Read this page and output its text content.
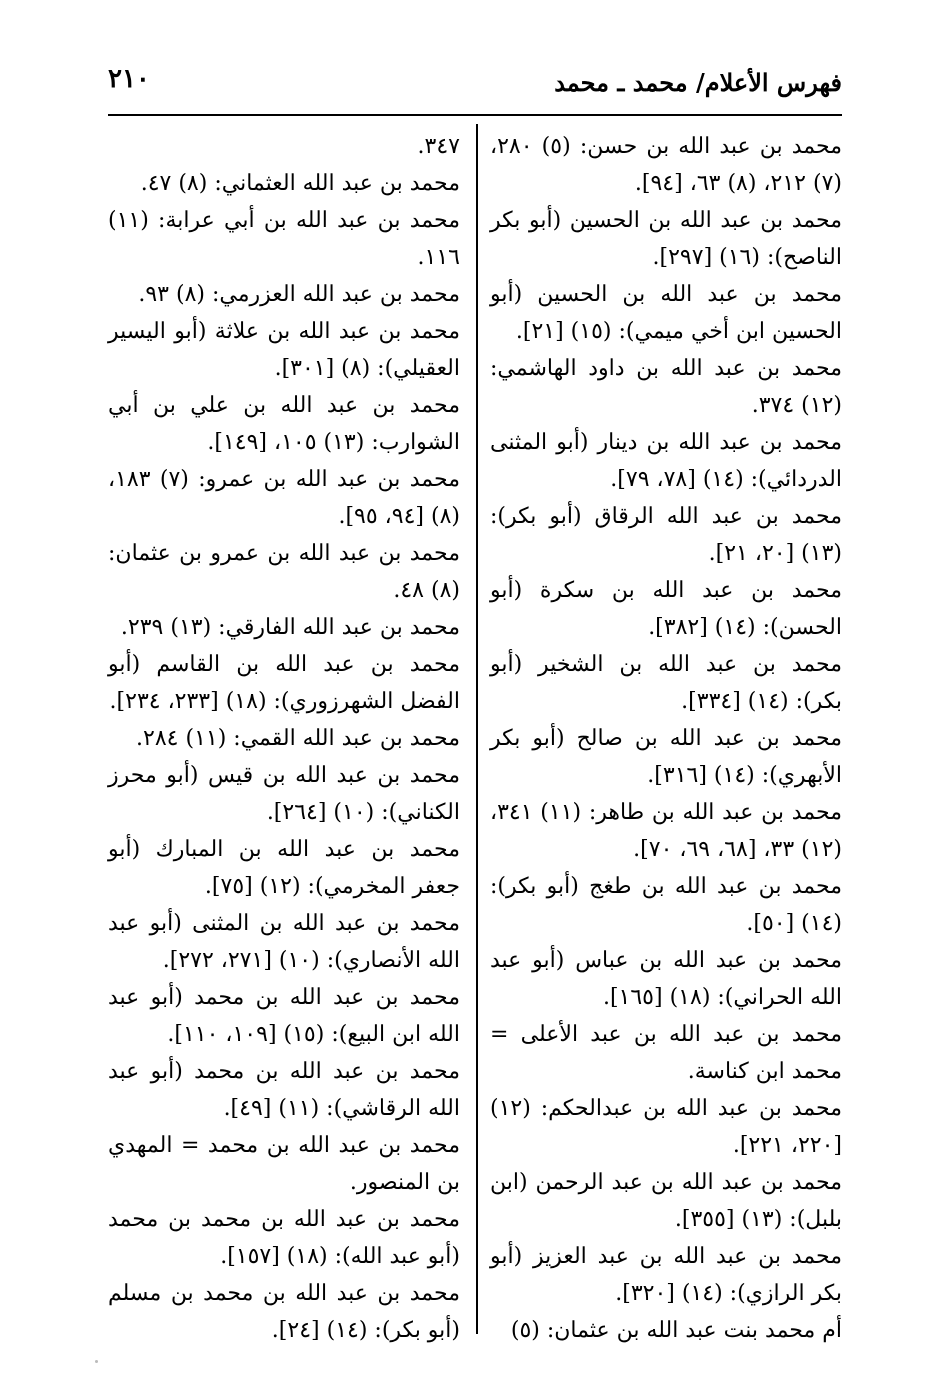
فهرس الأعلام/ محمد ـ محمد
٢١٠

محمد بن عبد الله بن حسن: (٥) ٢٨٠، (٧) ٢١٢، (٨) ٦٣، [٩٤].

محمد بن عبد الله بن الحسين (أبو بكر الناصح): (١٦) [٢٩٧].

محمد بن عبد الله بن الحسين (أبو الحسين ابن أخي ميمي): (١٥) [٢١].

محمد بن عبد الله بن داود الهاشمي: (١٢) ٣٧٤.

محمد بن عبد الله بن دينار (أبو المثنى الدردائي): (١٤) [٧٨، ٧٩].

محمد بن عبد الله الرقاق (أبو بكر): (١٣) [٢٠، ٢١].

محمد بن عبد الله بن سكرة (أبو الحسن): (١٤) [٣٨٢].

محمد بن عبد الله بن الشخير (أبو بكر): (١٤) [٣٣٤].

محمد بن عبد الله بن صالح (أبو بكر الأبهري): (١٤) [٣١٦].

محمد بن عبد الله بن طاهر: (١١) ٣٤١، (١٢) ٣٣، [٦٨، ٦٩، ٧٠].

محمد بن عبد الله بن طغج (أبو بكر): (١٤) [٥٠].

محمد بن عبد الله بن عباس (أبو عبد الله الحراني): (١٨) [١٦٥].

محمد بن عبد الله بن عبد الأعلى = محمد ابن كناسة.

محمد بن عبد الله بن عبدالحكم: (١٢) [٢٢٠، ٢٢١].

محمد بن عبد الله بن عبد الرحمن (ابن بلبل): (١٣) [٣٥٥].

محمد بن عبد الله بن عبد العزيز (أبو بكر الرازي): (١٤) [٣٢٠].

أم محمد بنت عبد الله بن عثمان: (٥)

٣٤٧.

محمد بن عبد الله العثماني: (٨) ٤٧.

محمد بن عبد الله بن أبي عرابة: (١١) ١١٦.

محمد بن عبد الله العزرمي: (٨) ٩٣.

محمد بن عبد الله بن علاثة (أبو اليسير العقيلي): (٨) [٣٠١].

محمد بن عبد الله بن علي بن أبي الشوارب: (١٣) ١٠٥، [١٤٩].

محمد بن عبد الله بن عمرو: (٧) ١٨٣، (٨) [٩٤، ٩٥].

محمد بن عبد الله بن عمرو بن عثمان: (٨) ٤٨.

محمد بن عبد الله الفارقي: (١٣) ٢٣٩.

محمد بن عبد الله بن القاسم (أبو الفضل الشهرزوري): (١٨) [٢٣٣، ٢٣٤].

محمد بن عبد الله القمي: (١١) ٢٨٤.

محمد بن عبد الله بن قيس (أبو محرز الكناني): (١٠) [٢٦٤].

محمد بن عبد الله بن المبارك (أبو جعفر المخرمي): (١٢) [٧٥].

محمد بن عبد الله بن المثنى (أبو عبد الله الأنصاري): (١٠) [٢٧١، ٢٧٢].

محمد بن عبد الله بن محمد (أبو عبد الله ابن البيع): (١٥) [١٠٩، ١١٠].

محمد بن عبد الله بن محمد (أبو عبد الله الرقاشي): (١١) [٤٩].

محمد بن عبد الله بن محمد = المهدي بن المنصور.

محمد بن عبد الله بن محمد بن محمد (أبو عبد الله): (١٨) [١٥٧].

محمد بن عبد الله بن محمد بن مسلم (أبو بكر): (١٤) [٢٤].
